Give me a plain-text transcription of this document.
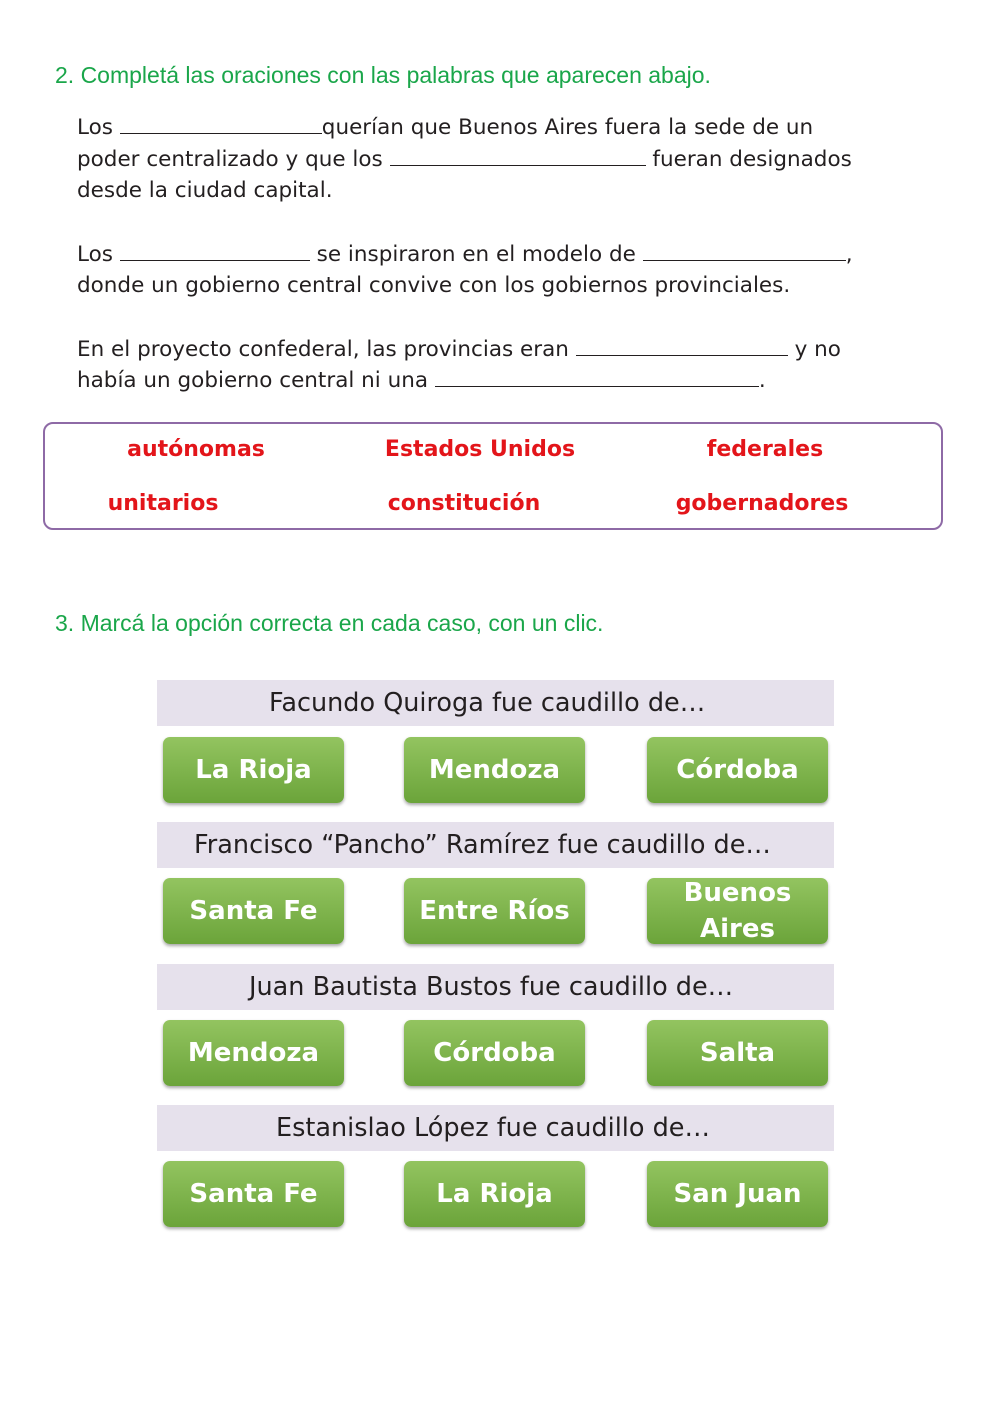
2. Completá las oraciones con las palabras que aparecen abajo.

Los	querían que Buenos Aires fuera la sede de un
poder centralizado y que los	fueran designados
desde la ciudad capital.

Los	se inspiraron en el modelo de	,
donde un gobierno central convive con los gobiernos provinciales.

En el proyecto confederal, las provincias eran	y no
había un gobierno central ni una	.

autónomas	Estados Unidos	federales
unitarios	constitución	gobernadores
3. Marcá la opción correcta en cada caso, con un clic.
Facundo Quiroga fue caudillo de…
La Rioja	Mendoza	Córdoba
Francisco “Pancho” Ramírez fue caudillo de…
Santa Fe	Entre Ríos
Buenos Aires
Juan Bautista Bustos fue caudillo de…
Mendoza	Córdoba	Salta
Estanislao López fue caudillo de…
Santa Fe	La Rioja	San Juan
